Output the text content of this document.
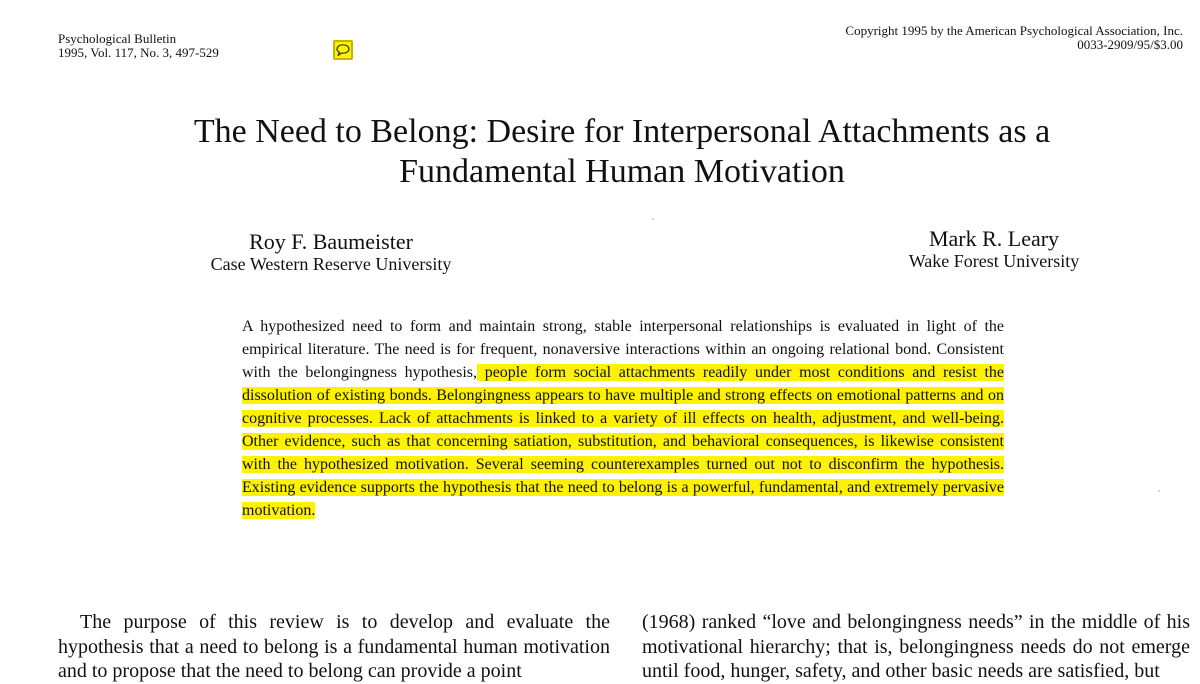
Psychological Bulletin
1995, Vol. 117, No. 3, 497-529
Copyright 1995 by the American Psychological Association, Inc.
0033-2909/95/$3.00
The Need to Belong: Desire for Interpersonal Attachments as a
Fundamental Human Motivation
Roy F. Baumeister
Case Western Reserve University
Mark R. Leary
Wake Forest University
A hypothesized need to form and maintain strong, stable interpersonal relationships is evaluated in light of the empirical literature. The need is for frequent, nonaversive interactions within an ongoing relational bond. Consistent with the belongingness hypothesis, people form social attachments readily under most conditions and resist the dissolution of existing bonds. Belongingness appears to have multiple and strong effects on emotional patterns and on cognitive processes. Lack of attachments is linked to a variety of ill effects on health, adjustment, and well-being. Other evidence, such as that concerning satiation, substitution, and behavioral consequences, is likewise consistent with the hypothesized motivation. Several seeming counterexamples turned out not to disconfirm the hypothesis. Existing evidence supports the hypothesis that the need to belong is a powerful, fundamental, and extremely pervasive motivation.
The purpose of this review is to develop and evaluate the hypothesis that a need to belong is a fundamental human motivation and to propose that the need to belong can provide a point
(1968) ranked “love and belongingness needs” in the middle of his motivational hierarchy; that is, belongingness needs do not emerge until food, hunger, safety, and other basic needs are satisfied, but
